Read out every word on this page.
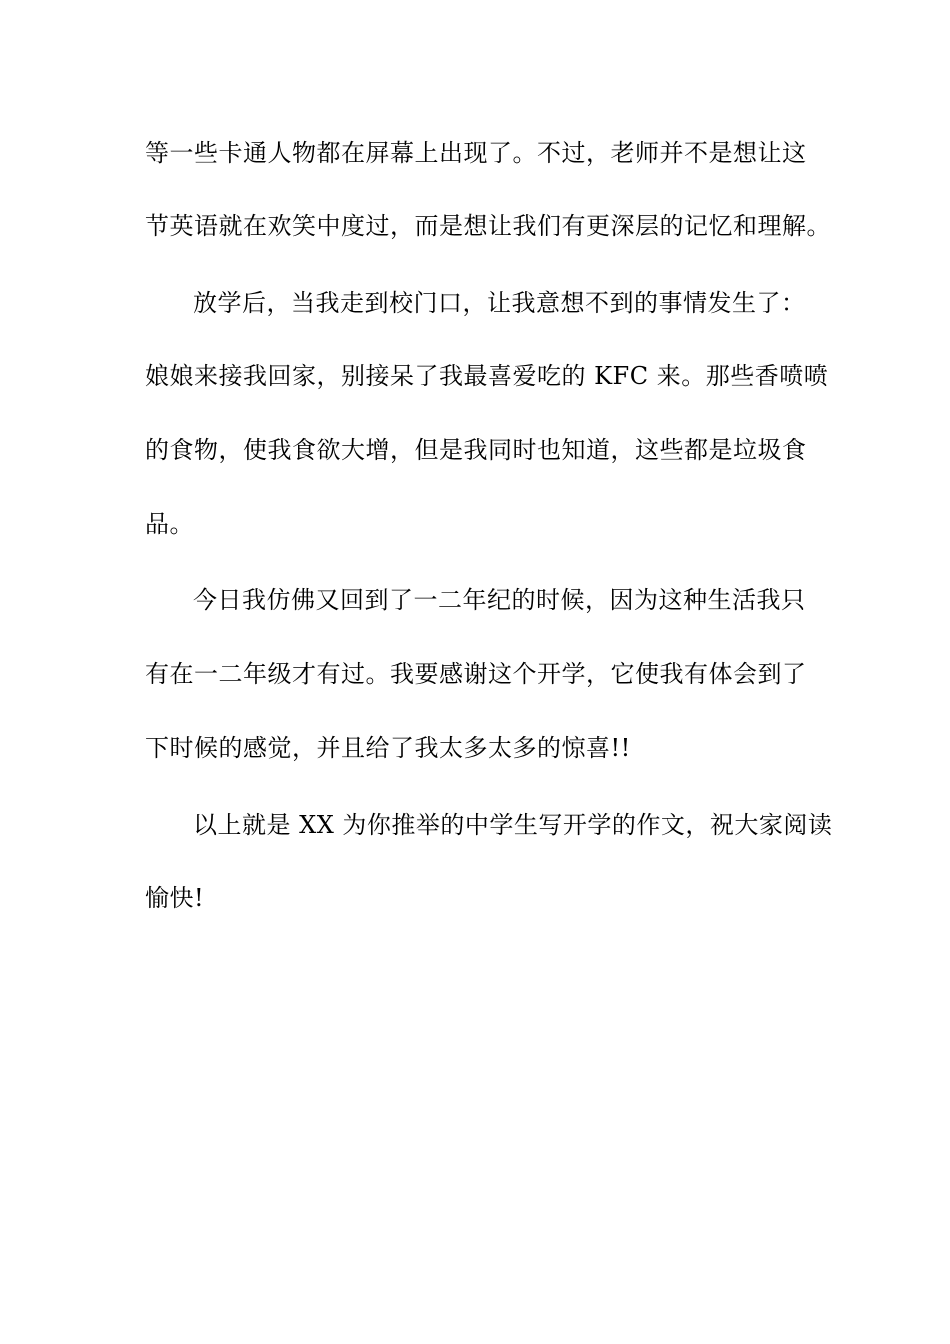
等一些卡通人物都在屏幕上出现了。不过，老师并不是想让这
节英语就在欢笑中度过，而是想让我们有更深层的记忆和理解。
放学后，当我走到校门口，让我意想不到的事情发生了：
娘娘来接我回家，别接呆了我最喜爱吃的 KFC 来。那些香喷喷
的食物，使我食欲大增，但是我同时也知道，这些都是垃圾食
品。
今日我仿佛又回到了一二年纪的时候，因为这种生活我只
有在一二年级才有过。我要感谢这个开学，它使我有体会到了
下时候的感觉，并且给了我太多太多的惊喜!!
以上就是 XX 为你推举的中学生写开学的作文，祝大家阅读
愉快!
